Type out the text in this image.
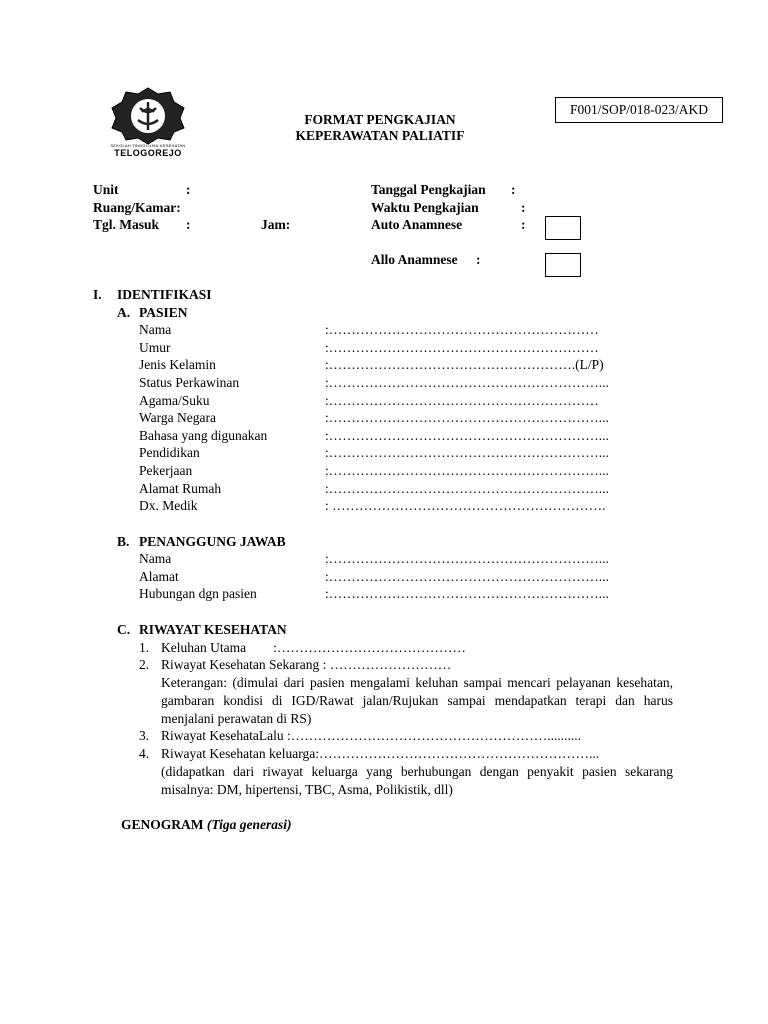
SEKOLAH TINGGI ILMU KESEHATAN
TELOGOREJO
FORMAT PENGKAJIAN
KEPERAWATAN PALIATIF
F001/SOP/018-023/AKD
Unit	:
Ruang/Kamar:
Tgl. Masuk :	Jam:
Tanggal Pengkajian :
Waktu Pengkajian	:
Auto Anamnese	:
Allo Anamnese :
I. IDENTIFIKASI
A. PASIEN
Nama	:……………………………………………………
Umur	:……………………………………………………
Jenis Kelamin	:……………………………………………….(L/P)
Status Perkawinan	:……………………………………………………...
Agama/Suku	:……………………………………………………
Warga Negara	:……………………………………………………...
Bahasa yang digunakan	:……………………………………………………...
Pendidikan	:……………………………………………………...
Pekerjaan	:……………………………………………………...
Alamat Rumah	:……………………………………………………...
Dx. Medik	: …………………………………………………….
B. PENANGGUNG JAWAB
Nama	:……………………………………………………...
Alamat	:……………………………………………………...
Hubungan dgn pasien	:……………………………………………………...
C. RIWAYAT KESEHATAN
1. Keluhan Utama        :……………………………………
2. Riwayat Kesehatan Sekarang : ………………………
Keterangan: (dimulai dari pasien mengalami keluhan sampai mencari pelayanan kesehatan, gambaran kondisi di IGD/Rawat jalan/Rujukan sampai mendapatkan terapi dan harus menjalani perawatan di RS)
3. Riwayat KesehataLalu :…………………………………………………..........
4. Riwayat Kesehatan keluarga:……………………………………………………...
(didapatkan dari riwayat keluarga yang berhubungan dengan penyakit pasien sekarang misalnya: DM, hipertensi, TBC, Asma, Polikistik, dll)
GENOGRAM (Tiga generasi)
